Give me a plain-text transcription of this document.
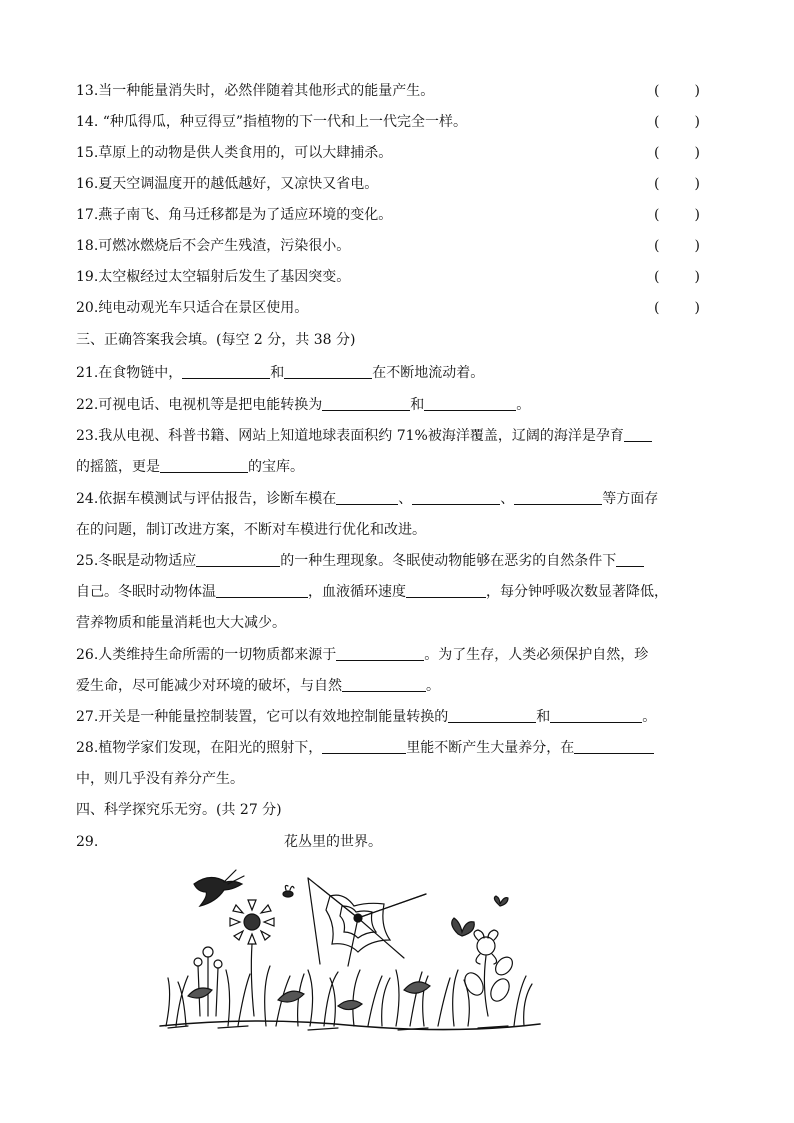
13.当一种能量消失时，必然伴随着其他形式的能量产生。	(	)
14. “种瓜得瓜，种豆得豆”指植物的下一代和上一代完全一样。	(	)
15.草原上的动物是供人类食用的，可以大肆捕杀。	(	)
16.夏天空调温度开的越低越好，又凉快又省电。	(	)
17.燕子南飞、角马迁移都是为了适应环境的变化。	(	)
18.可燃冰燃烧后不会产生残渣，污染很小。	(	)
19.太空椒经过太空辐射后发生了基因突变。	(	)
20.纯电动观光车只适合在景区使用。	(	)
三、正确答案我会填。(每空 2 分，共 38 分)
21.在食物链中，	和	在不断地流动着。
22.可视电话、电视机等是把电能转换为	和	。
23.我从电视、科普书籍、网站上知道地球表面积约 71%被海洋覆盖，辽阔的海洋是孕育
的摇篮，更是	的宝库。
24.依据车模测试与评估报告，诊断车模在	、	、	等方面存
在的问题，制订改进方案，不断对车模进行优化和改进。
25.冬眠是动物适应	的一种生理现象。冬眠使动物能够在恶劣的自然条件下
自己。冬眠时动物体温	，血液循环速度	，每分钟呼吸次数显著降低，
营养物质和能量消耗也大大减少。
26.人类维持生命所需的一切物质都来源于	。为了生存，人类必须保护自然，珍
爱生命，尽可能减少对环境的破坏，与自然	。
27.开关是一种能量控制装置，它可以有效地控制能量转换的	和	。
28.植物学家们发现，在阳光的照射下，	里能不断产生大量养分，在
中，则几乎没有养分产生。
四、科学探究乐无穷。(共 27 分)
29.	花丛里的世界。
